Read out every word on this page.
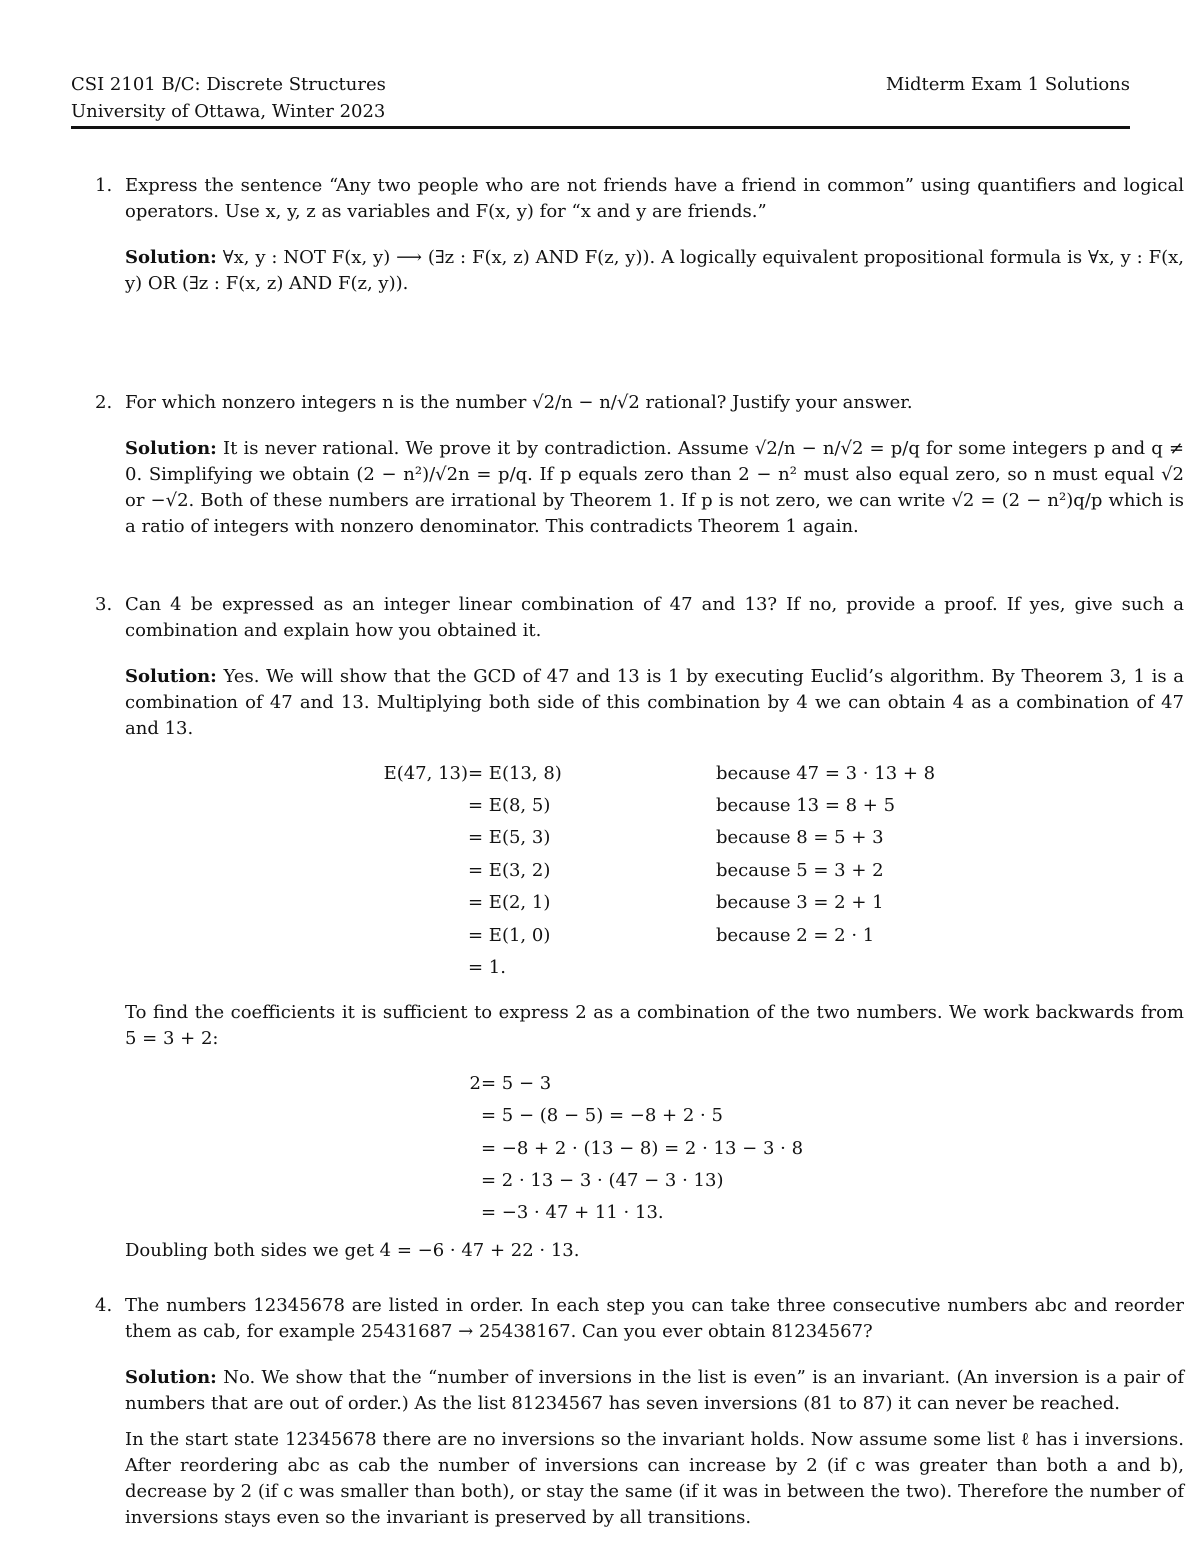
CSI 2101 B/C: Discrete Structures
University of Ottawa, Winter 2023
Midterm Exam 1 Solutions
1. Express the sentence “Any two people who are not friends have a friend in common” using quantifiers and logical operators. Use x, y, z as variables and F(x, y) for “x and y are friends.”

Solution: ∀x, y : NOT F(x, y) ⟶ (∃z : F(x, z) AND F(z, y)). A logically equivalent propositional formula is ∀x, y : F(x, y) OR (∃z : F(x, z) AND F(z, y)).

2. For which nonzero integers n is the number √2/n − n/√2 rational? Justify your answer.

Solution: It is never rational. We prove it by contradiction. Assume √2/n − n/√2 = p/q for some integers p and q ≠ 0. Simplifying we obtain (2 − n²)/√2n = p/q. If p equals zero than 2 − n² must also equal zero, so n must equal √2 or −√2. Both of these numbers are irrational by Theorem 1. If p is not zero, we can write √2 = (2 − n²)q/p which is a ratio of integers with nonzero denominator. This contradicts Theorem 1 again.

3. Can 4 be expressed as an integer linear combination of 47 and 13? If no, provide a proof. If yes, give such a combination and explain how you obtained it.

Solution: Yes. We will show that the GCD of 47 and 13 is 1 by executing Euclid’s algorithm. By Theorem 3, 1 is a combination of 47 and 13. Multiplying both side of this combination by 4 we can obtain 4 as a combination of 47 and 13.

E(47, 13) = E(13, 8)	because 47 = 3 · 13 + 8
= E(8, 5)	because 13 = 8 + 5
= E(5, 3)	because 8 = 5 + 3
= E(3, 2)	because 5 = 3 + 2
= E(2, 1)	because 3 = 2 + 1
= E(1, 0)	because 2 = 2 · 1
= 1.

To find the coefficients it is sufficient to express 2 as a combination of the two numbers. We work backwards from 5 = 3 + 2:

2 = 5 − 3
= 5 − (8 − 5) = −8 + 2 · 5
= −8 + 2 · (13 − 8) = 2 · 13 − 3 · 8
= 2 · 13 − 3 · (47 − 3 · 13)
= −3 · 47 + 11 · 13.

Doubling both sides we get 4 = −6 · 47 + 22 · 13.

4. The numbers 12345678 are listed in order. In each step you can take three consecutive numbers abc and reorder them as cab, for example 25431687 → 25438167. Can you ever obtain 81234567?

Solution: No. We show that the “number of inversions in the list is even” is an invariant. (An inversion is a pair of numbers that are out of order.) As the list 81234567 has seven inversions (81 to 87) it can never be reached.

In the start state 12345678 there are no inversions so the invariant holds. Now assume some list ℓ has i inversions. After reordering abc as cab the number of inversions can increase by 2 (if c was greater than both a and b), decrease by 2 (if c was smaller than both), or stay the same (if it was in between the two). Therefore the number of inversions stays even so the invariant is preserved by all transitions.
